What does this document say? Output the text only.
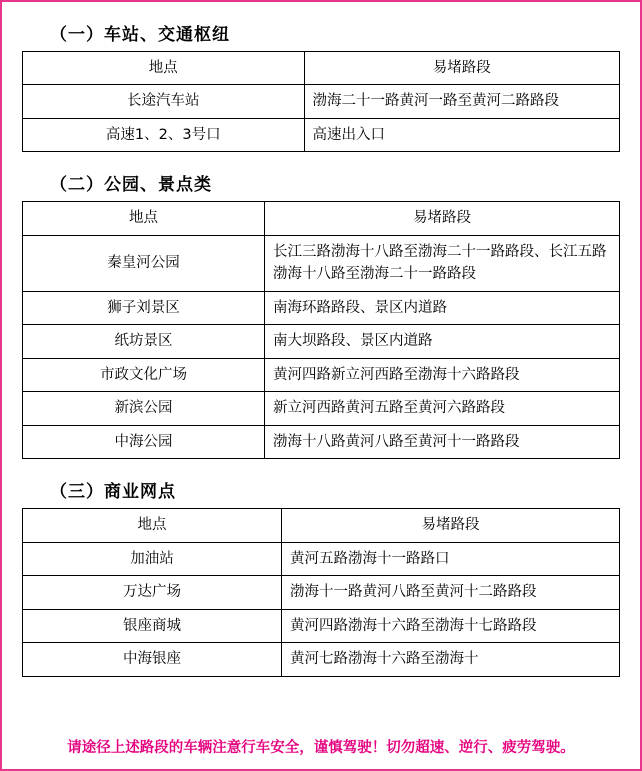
（一）车站、交通枢纽
地点	易堵路段
长途汽车站	渤海二十一路黄河一路至黄河二路路段
高速1、2、3号口	高速出入口
（二）公园、景点类
地点	易堵路段
秦皇河公园	长江三路渤海十八路至渤海二十一路路段、长江五路渤海十八路至渤海二十一路路段
狮子刘景区	南海环路路段、景区内道路
纸坊景区	南大坝路段、景区内道路
市政文化广场	黄河四路新立河西路至渤海十六路路段
新滨公园	新立河西路黄河五路至黄河六路路段
中海公园	渤海十八路黄河八路至黄河十一路路段
（三）商业网点
地点	易堵路段
加油站	黄河五路渤海十一路路口
万达广场	渤海十一路黄河八路至黄河十二路路段
银座商城	黄河四路渤海十六路至渤海十七路路段
中海银座	黄河七路渤海十六路至渤海十
请途径上述路段的车辆注意行车安全，谨慎驾驶！切勿超速、逆行、疲劳驾驶。
